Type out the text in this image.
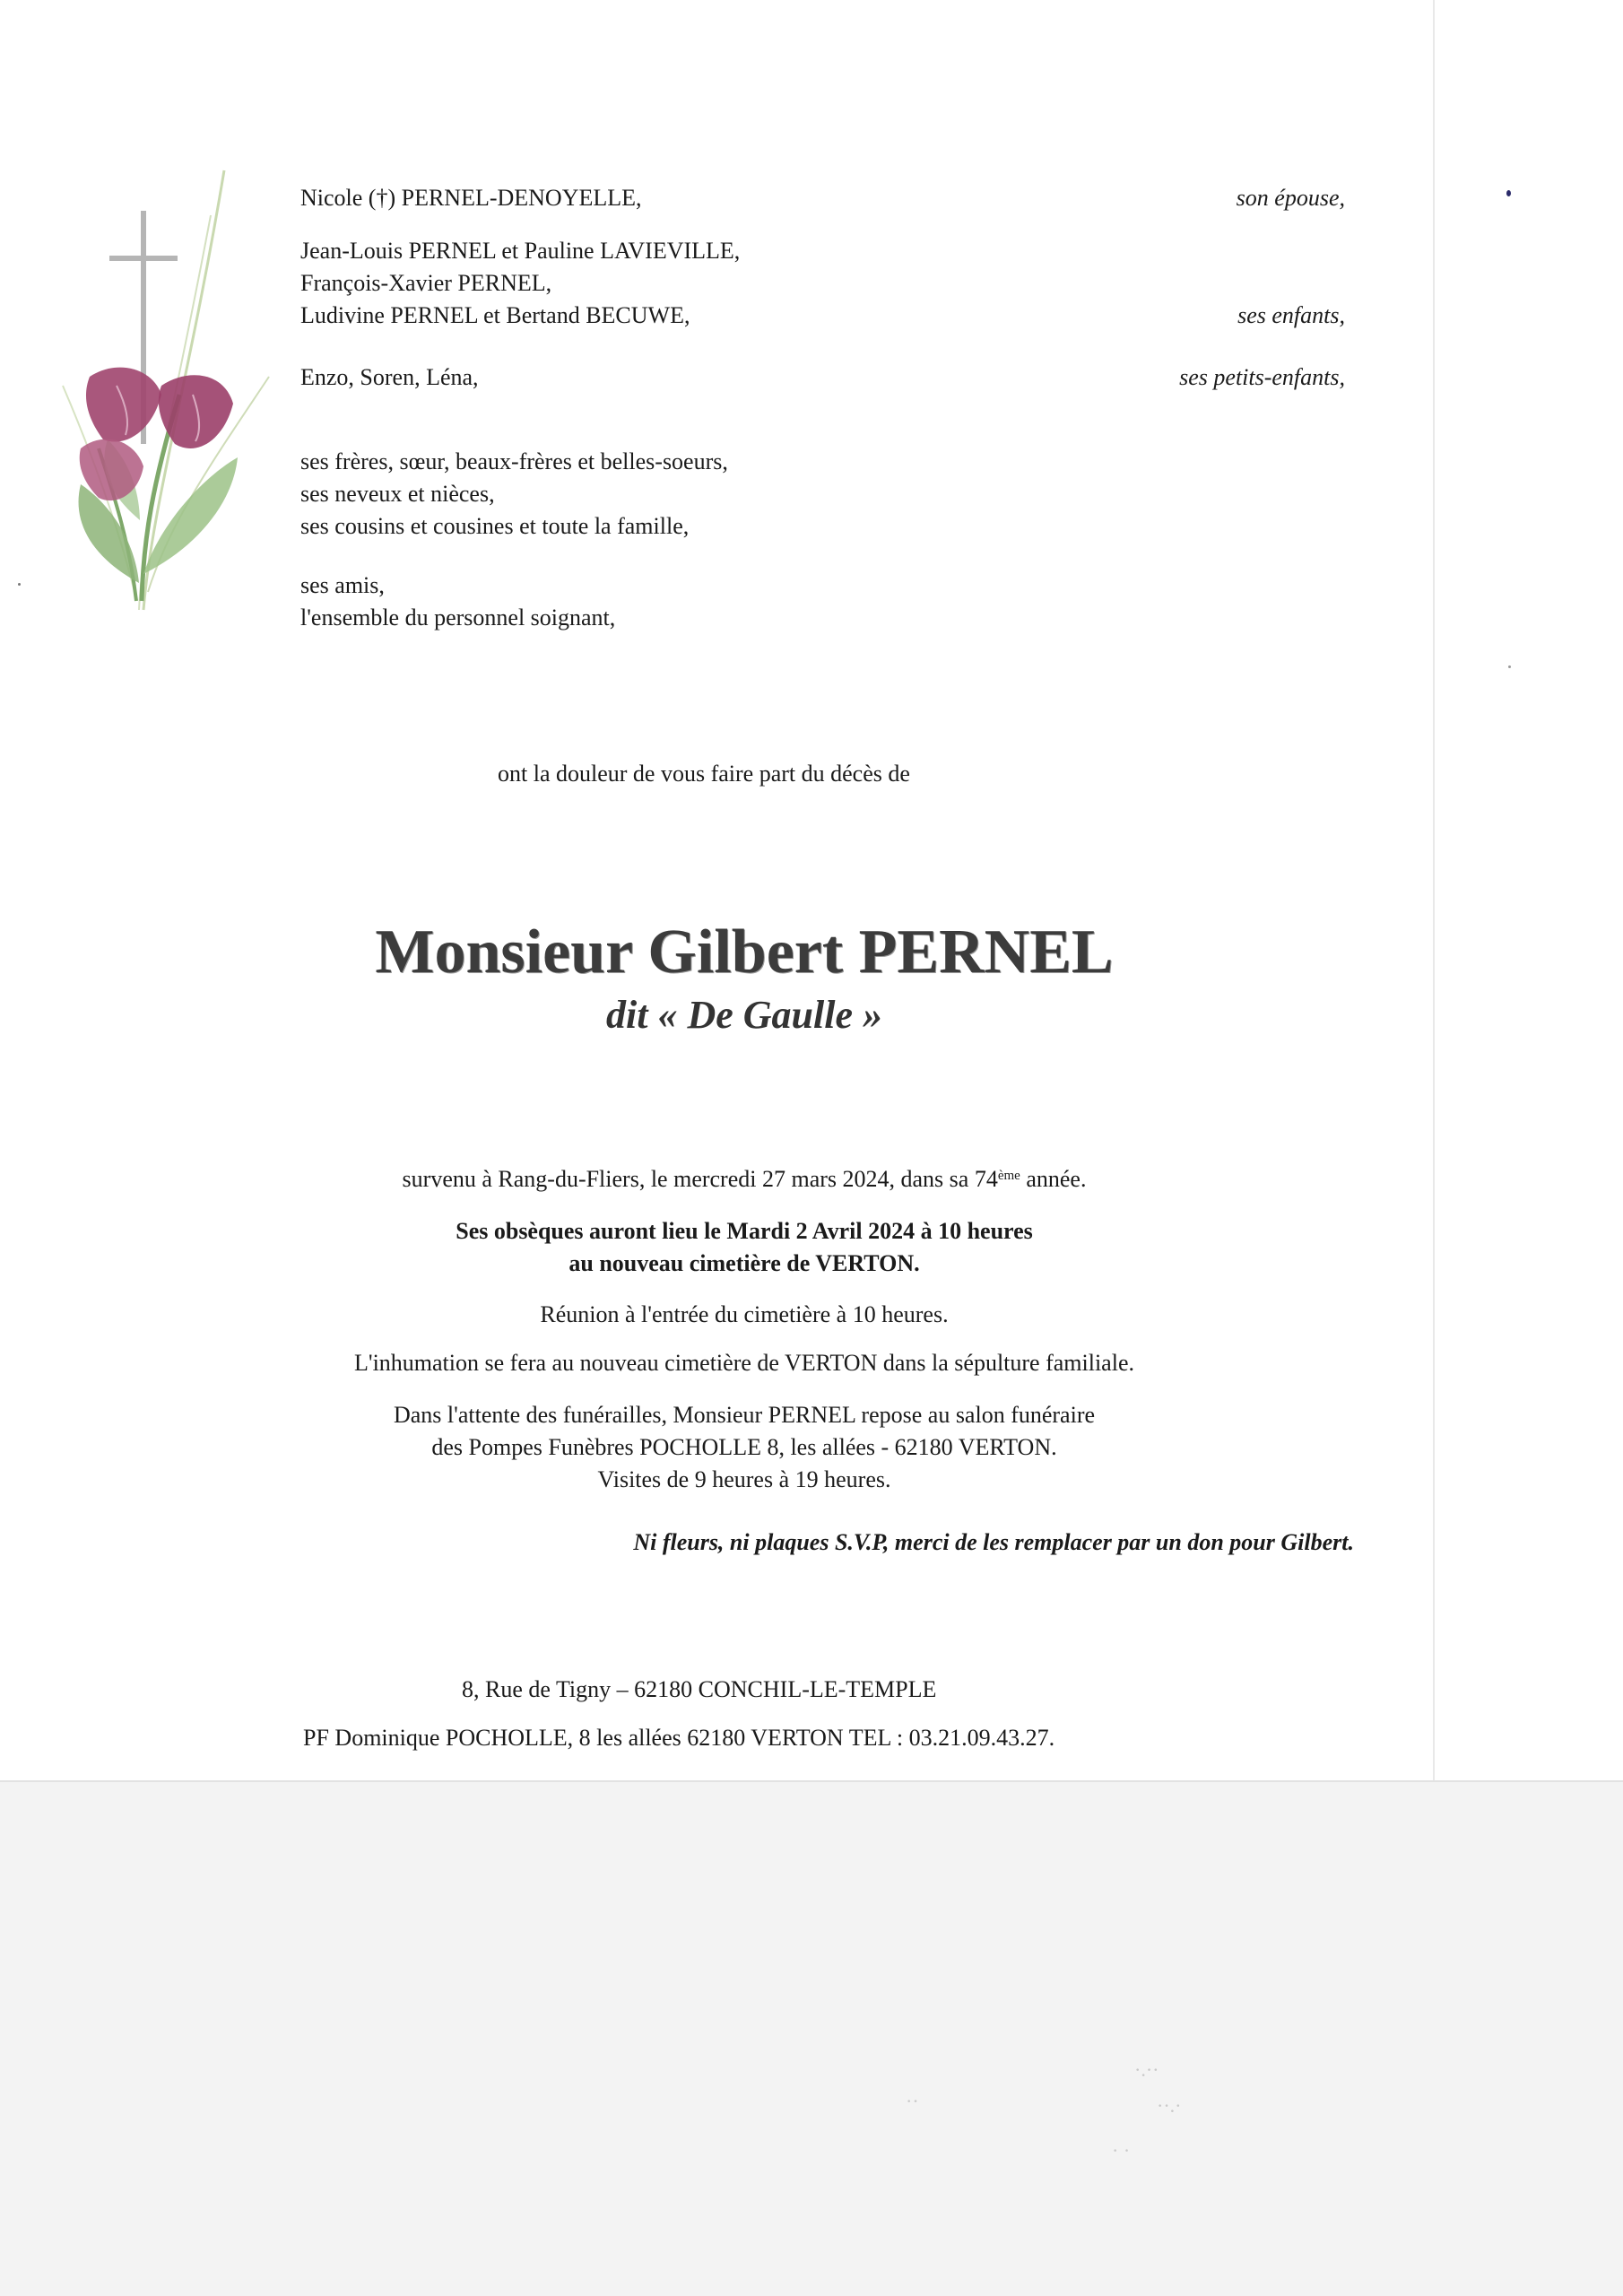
Nicole (†) PERNEL-DENOYELLE,	son épouse,

Jean-Louis PERNEL et Pauline LAVIEVILLE,

François-Xavier PERNEL,

Ludivine PERNEL et Bertand BECUWE,	ses enfants,

Enzo, Soren, Léna,	ses petits-enfants,

ses frères, sœur, beaux-frères et belles-soeurs,

ses neveux et nièces,

ses cousins et cousines et toute la famille,

ses amis,

l'ensemble du personnel soignant,

ont la douleur de vous faire part du décès de

Monsieur Gilbert PERNEL

dit « De Gaulle »

survenu à Rang-du-Fliers, le mercredi 27 mars 2024, dans sa 74ème année.

Ses obsèques auront lieu le Mardi 2 Avril 2024 à 10 heures

au nouveau cimetière de VERTON.

Réunion à l'entrée du cimetière à 10 heures.

L'inhumation se fera au nouveau cimetière de VERTON dans la sépulture familiale.

Dans l'attente des funérailles, Monsieur PERNEL repose au salon funéraire

des Pompes Funèbres POCHOLLE 8, les allées - 62180 VERTON.

Visites de 9 heures à 19 heures.

Ni fleurs, ni plaques S.V.P, merci de les remplacer par un don pour Gilbert.

8, Rue de Tigny – 62180 CONCHIL-LE-TEMPLE

PF Dominique POCHOLLE, 8 les allées 62180 VERTON TEL : 03.21.09.43.27.

·.··
··.·
· ·
··
